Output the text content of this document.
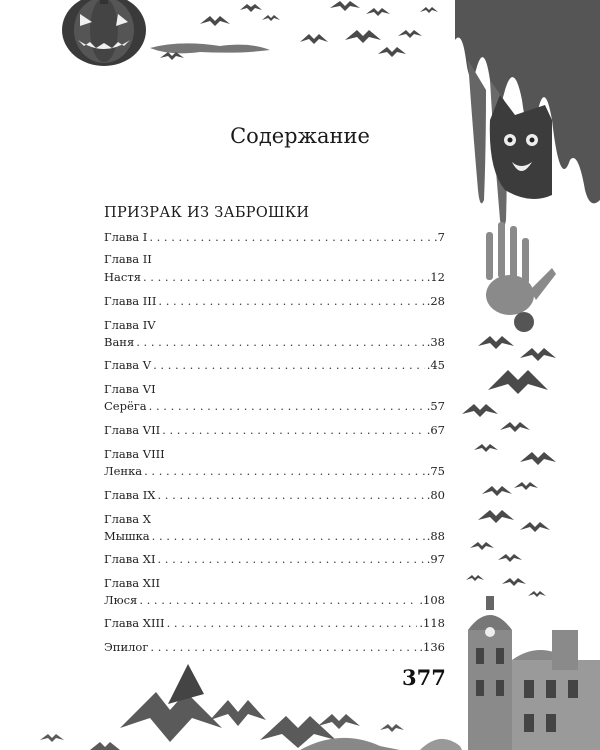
Содержание
ПРИЗРАК ИЗ ЗАБРОШКИ
Глава I . . .	.7
Глава II
Настя . . .	.12
Глава III . . .	.28
Глава IV
Ваня . . .	.38
Глава V . . .	.45
Глава VI
Серёга . . .	.57
Глава VII . . .	.67
Глава VIII
Ленка . . .	.75
Глава IX . . .	.80
Глава X
Мышка . . .	.88
Глава XI . . .	.97
Глава XII
Люся . . .	.108
Глава XIII . . .	.118
Эпилог . . .	.136
377
